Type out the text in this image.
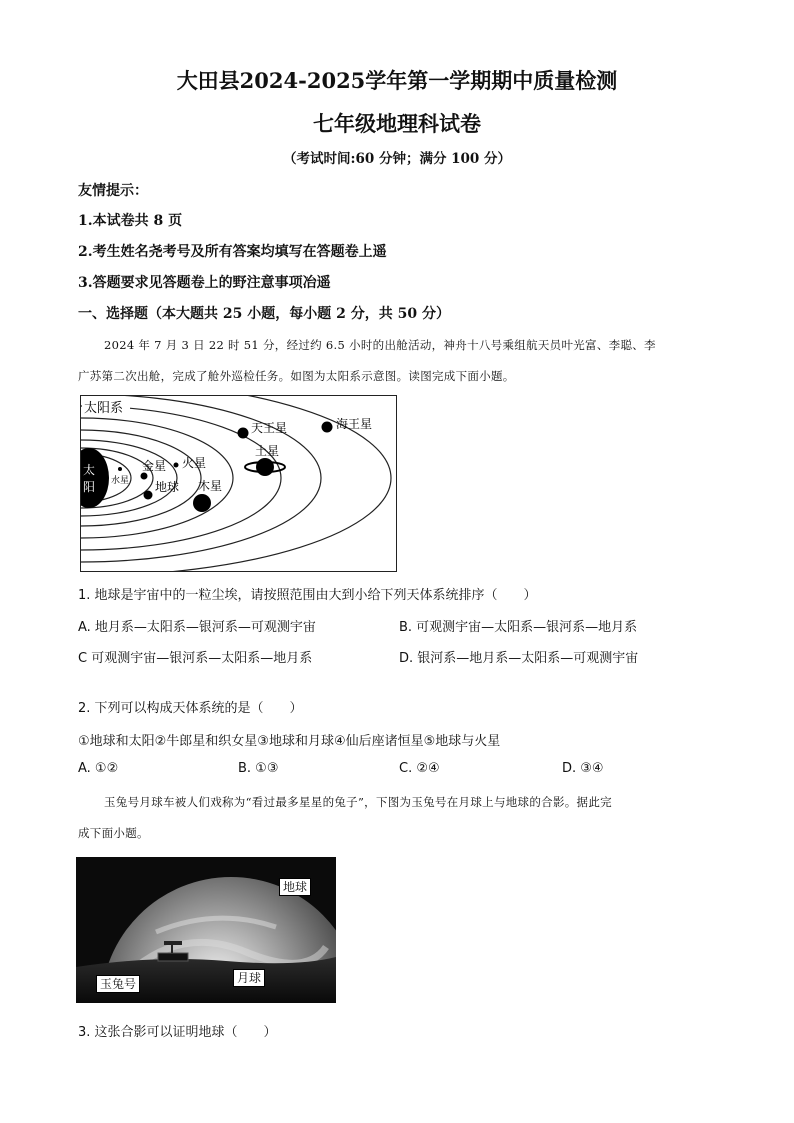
大田县2024-2025学年第一学期期中质量检测
七年级地理科试卷
（考试时间:60 分钟；满分 100 分）
友情提示：
1.本试卷共 8 页
2.考生姓名尧考号及所有答案均填写在答题卷上遥
3.答题要求见答题卷上的野注意事项冶遥
一、选择题（本大题共 25 小题，每小题 2 分，共 50 分）
2024 年 7 月 3 日 22 时 51 分，经过约 6.5 小时的出舱活动，神舟十八号乘组航天员叶光富、李聪、李
广苏第二次出舱，完成了舱外巡检任务。如图为太阳系示意图。读图完成下面小题。
太
阳 水星
金星
地球
火星
木星
土星
天王星	海王星
太阳系
1. 地球是宇宙中的一粒尘埃，请按照范围由大到小给下列天体系统排序（　　）
A. 地月系—太阳系—银河系—可观测宇宙	B. 可观测宇宙—太阳系—银河系—地月系
C 可观测宇宙—银河系—太阳系—地月系	D. 银河系—地月系—太阳系—可观测宇宙
2. 下列可以构成天体系统的是（　　）
①地球和太阳②牛郎星和织女星③地球和月球④仙后座诸恒星⑤地球与火星
A. ①②	B. ①③	C. ②④	D. ③④
玉兔号月球车被人们戏称为“看过最多星星的兔子”，下图为玉兔号在月球上与地球的合影。据此完
成下面小题。
地球
玉兔号	月球
3. 这张合影可以证明地球（　　）
